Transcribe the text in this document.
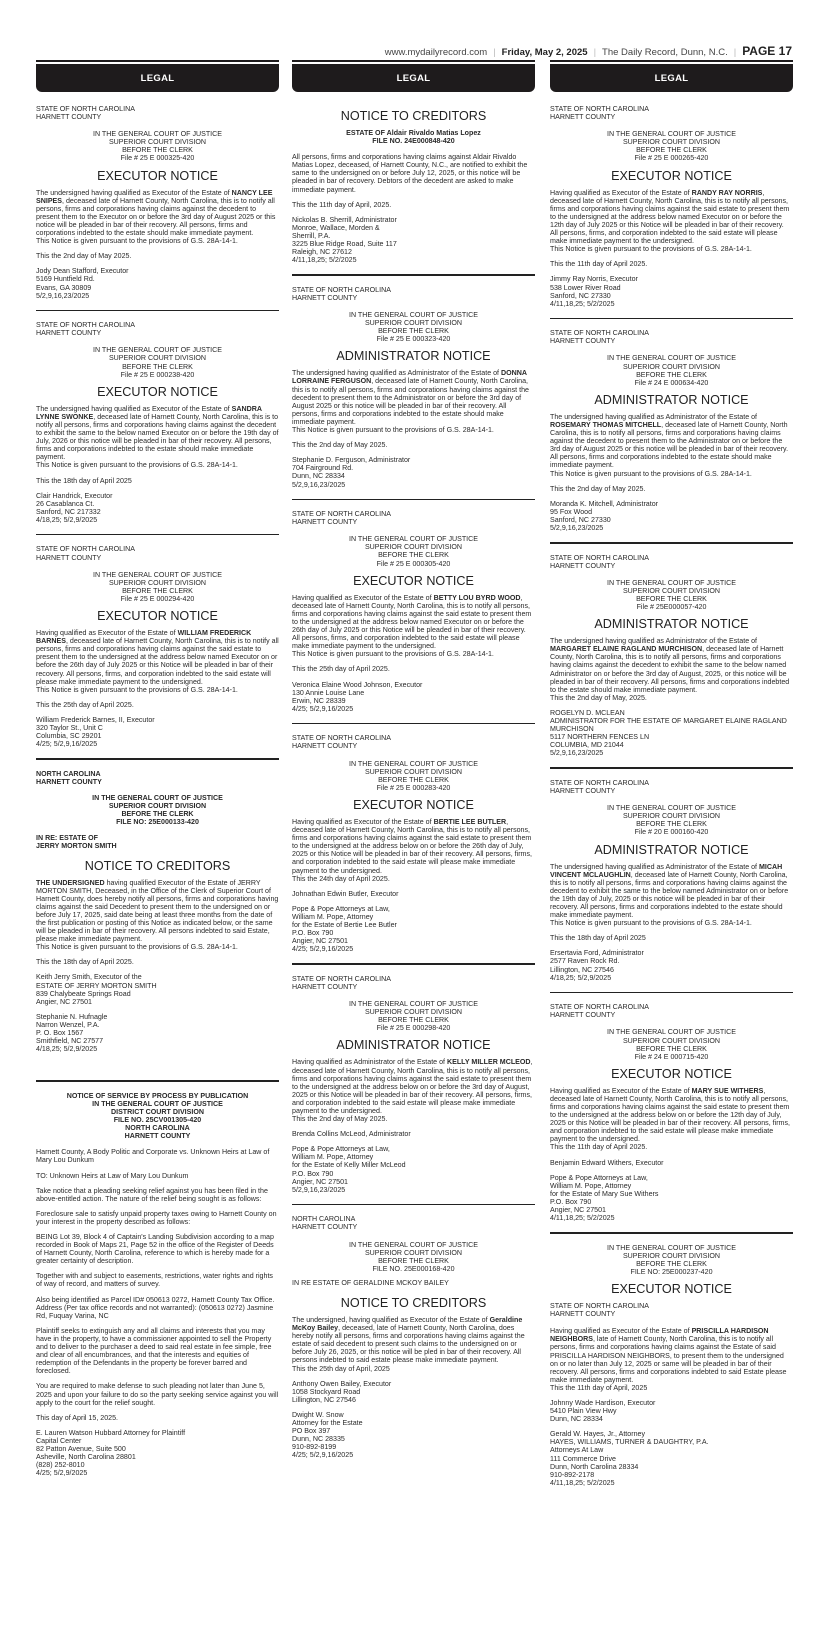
www.mydailyrecord.com | Friday, May 2, 2025 | The Daily Record, Dunn, N.C. | PAGE 17
LEGAL
STATE OF NORTH CAROLINA
HARNETT COUNTY
IN THE GENERAL COURT OF JUSTICE
SUPERIOR COURT DIVISION
BEFORE THE CLERK
File # 25 E 000325-420
EXECUTOR NOTICE
The undersigned having qualified as Executor of the Estate of NANCY LEE SNIPES, deceased late of Harnett County, North Carolina, this is to notify all persons, firms and corporations having claims against the decedent to present them to the Executor on or before the 3rd day of August 2025 or this notice will be pleaded in bar of their recovery. All persons, firms and corporations indebted to the estate should make immediate payment.
This Notice is given pursuant to the provisions of G.S. 28A-14-1.
This the 2nd day of May 2025.
Jody Dean Stafford, Executor
5169 Huntfield Rd.
Evans, GA 30809
5/2,9,16,23/2025
STATE OF NORTH CAROLINA
HARNETT COUNTY
IN THE GENERAL COURT OF JUSTICE
SUPERIOR COURT DIVISION
BEFORE THE CLERK
File # 25 E 000238-420
EXECUTOR NOTICE
The undersigned having qualified as Executor of the Estate of SANDRA LYNNE SWONKE, deceased late of Harnett County, North Carolina, this is to notify all persons, firms and corporations having claims against the decedent to exhibit the same to the below named Executor on or before the 19th day of July, 2026 or this notice will be pleaded in bar of their recovery. All persons, firms and corporations indebted to the estate should make immediate payment.
This Notice is given pursuant to the provisions of G.S. 28A-14-1.
This the 18th day of April 2025
Clair Handrick, Executor
26 Casablanca Ct.
Sanford, NC 217332
4/18,25; 5/2,9/2025
STATE OF NORTH CAROLINA
HARNETT COUNTY
IN THE GENERAL COURT OF JUSTICE
SUPERIOR COURT DIVISION
BEFORE THE CLERK
File # 25 E 000294-420
EXECUTOR NOTICE
Having qualified as Executor of the Estate of WILLIAM FREDERICK BARNES, deceased late of Harnett County, North Carolina, this is to notify all persons, firms and corporations having claims against the said estate to present them to the undersigned at the address below named Executor on or before the 26th day of July 2025 or this Notice will be pleaded in bar of their recovery. All persons, firms, and corporation indebted to the said estate will please make immediate payment to the undersigned.
This Notice is given pursuant to the provisions of G.S. 28A-14-1.
This the 25th day of April 2025.
William Frederick Barnes, II, Executor
320 Taylor St., Unit C
Columbia, SC 29201
4/25; 5/2,9,16/2025
NORTH CAROLINA
HARNETT COUNTY
IN THE GENERAL COURT OF JUSTICE
SUPERIOR COURT DIVISION
BEFORE THE CLERK
FILE NO: 25E000133-420
IN RE: ESTATE OF
JERRY MORTON SMITH
NOTICE TO CREDITORS
THE UNDERSIGNED having qualified Executor of the Estate of JERRY MORTON SMITH, Deceased, in the Office of the Clerk of Superior Court of Harnett County, does hereby notify all persons, firms and corporations having claims against the said Decedent to present them to the undersigned on or before July 17, 2025, said date being at least three months from the date of the first publication or posting of this Notice as indicated below, or the same will be pleaded in bar of their recovery. All persons indebted to said Estate, please make immediate payment.
This Notice is given pursuant to the provisions of G.S. 28A-14-1.
This the 18th day of April 2025.
Keith Jerry Smith, Executor of the
ESTATE OF JERRY MORTON SMITH
839 Chalybeate Springs Road
Angier, NC 27501
Stephanie N. Hufnagle
Narron Wenzel, P.A.
P. O. Box 1567
Smithfield, NC 27577
4/18,25; 5/2,9/2025
NOTICE OF SERVICE BY PROCESS BY PUBLICATION
IN THE GENERAL COURT OF JUSTICE
DISTRICT COURT DIVISION
FILE NO. 25CV001305-420
NORTH CAROLINA
HARNETT COUNTY
Harnett County, A Body Politic and Corporate vs. Unknown Heirs at Law of Mary Lou Dunkum
TO: Unknown Heirs at Law of Mary Lou Dunkum
Take notice that a pleading seeking relief against you has been filed in the above-entitled action. The nature of the relief being sought is as follows:
Foreclosure sale to satisfy unpaid property taxes owing to Harnett County on your interest in the property described as follows:
BEING Lot 39, Block 4 of Captain's Landing Subdivision according to a map recorded in Book of Maps 21, Page 52 in the office of the Register of Deeds of Harnett County, North Carolina, reference to which is hereby made for a greater certainty of description.
Together with and subject to easements, restrictions, water rights and rights of way of record, and matters of survey.
Also being identified as Parcel ID# 050613 0272, Harnett County Tax Office. Address (Per tax office records and not warranted): (050613 0272) Jasmine Rd, Fuquay Varina, NC
Plaintiff seeks to extinguish any and all claims and interests that you may have in the property, to have a commissioner appointed to sell the Property and to deliver to the purchaser a deed to said real estate in fee simple, free and clear of all encumbrances, and that the interests and equities of redemption of the Defendants in the property be forever barred and foreclosed.
You are required to make defense to such pleading not later than June 5, 2025 and upon your failure to do so the party seeking service against you will apply to the court for the relief sought.
This day of April 15, 2025.
E. Lauren Watson Hubbard Attorney for Plaintiff
Capital Center
82 Patton Avenue, Suite 500
Asheville, North Carolina 28801
(828) 252-8010
4/25; 5/2,9/2025
LEGAL
NOTICE TO CREDITORS
ESTATE OF Aldair Rivaldo Matias Lopez
FILE NO. 24E000848-420
All persons, firms and corporations having claims against Aldair Rivaldo Matias Lopez, deceased, of Harnett County, N.C., are notified to exhibit the same to the undersigned on or before July 12, 2025, or this notice will be pleaded in bar of recovery. Debtors of the decedent are asked to make immediate payment.
This the 11th day of April, 2025.
Nickolas B. Sherrill, Administrator
Monroe, Wallace, Morden &
Sherrill, P.A.
3225 Blue Ridge Road, Suite 117
Raleigh, NC 27612
4/11,18,25; 5/2/2025
STATE OF NORTH CAROLINA
HARNETT COUNTY
IN THE GENERAL COURT OF JUSTICE
SUPERIOR COURT DIVISION
BEFORE THE CLERK
File # 25 E 000323-420
ADMINISTRATOR NOTICE
The undersigned having qualified as Administrator of the Estate of DONNA LORRAINE FERGUSON, deceased late of Harnett County, North Carolina, this is to notify all persons, firms and corporations having claims against the decedent to present them to the Administrator on or before the 3rd day of August 2025 or this notice will be pleaded in bar of their recovery. All persons, firms and corporations indebted to the estate should make immediate payment.
This Notice is given pursuant to the provisions of G.S. 28A-14-1.
This the 2nd day of May 2025.
Stephanie D. Ferguson, Administrator
704 Fairground Rd.
Dunn, NC 28334
5/2,9,16,23/2025
STATE OF NORTH CAROLINA
HARNETT COUNTY
IN THE GENERAL COURT OF JUSTICE
SUPERIOR COURT DIVISION
BEFORE THE CLERK
File # 25 E 000305-420
EXECUTOR NOTICE
Having qualified as Executor of the Estate of BETTY LOU BYRD WOOD, deceased late of Harnett County, North Carolina, this is to notify all persons, firms and corporations having claims against the said estate to present them to the undersigned at the address below named Executor on or before the 26th day of July 2025 or this Notice will be pleaded in bar of their recovery. All persons, firms, and corporation indebted to the said estate will please make immediate payment to the undersigned.
This Notice is given pursuant to the provisions of G.S. 28A-14-1.
This the 25th day of April 2025.
Veronica Elaine Wood Johnson, Executor
130 Annie Louise Lane
Erwin, NC 28339
4/25; 5/2,9,16/2025
STATE OF NORTH CAROLINA
HARNETT COUNTY
IN THE GENERAL COURT OF JUSTICE
SUPERIOR COURT DIVISION
BEFORE THE CLERK
File # 25 E 000283-420
EXECUTOR NOTICE
Having qualified as Executor of the Estate of BERTIE LEE BUTLER, deceased late of Harnett County, North Carolina, this is to notify all persons, firms and corporations having claims against the said estate to present them to the undersigned at the address below on or before the 26th day of July, 2025 or this Notice will be pleaded in bar of their recovery. All persons, firms, and corporation indebted to the said estate will please make immediate payment to the undersigned.
This the 24th day of April 2025.
Johnathan Edwin Butler, Executor
Pope & Pope Attorneys at Law,
William M. Pope, Attorney
for the Estate of Bertie Lee Butler
P.O. Box 790
Angier, NC 27501
4/25; 5/2,9,16/2025
STATE OF NORTH CAROLINA
HARNETT COUNTY
IN THE GENERAL COURT OF JUSTICE
SUPERIOR COURT DIVISION
BEFORE THE CLERK
File # 25 E 000298-420
ADMINISTRATOR NOTICE
Having qualified as Administrator of the Estate of KELLY MILLER MCLEOD, deceased late of Harnett County, North Carolina, this is to notify all persons, firms and corporations having claims against the said estate to present them to the undersigned at the address below on or before the 3rd day of August, 2025 or this Notice will be pleaded in bar of their recovery. All persons, firms, and corporation indebted to the said estate will please make immediate payment to the undersigned.
This the 2nd day of May 2025.
Brenda Collins McLeod, Administrator
Pope & Pope Attorneys at Law,
William M. Pope, Attorney
for the Estate of Kelly Miller McLeod
P.O. Box 790
Angier, NC 27501
5/2,9,16,23/2025
NORTH CAROLINA
HARNETT COUNTY
IN THE GENERAL COURT OF JUSTICE
SUPERIOR COURT DIVISION
BEFORE THE CLERK
FILE NO. 25E000168-420
IN RE ESTATE OF GERALDINE MCKOY BAILEY
NOTICE TO CREDITORS
The undersigned, having qualified as Executor of the Estate of Geraldine McKoy Bailey, deceased, late of Harnett County, North Carolina, does hereby notify all persons, firms and corporations having claims against the estate of said decedent to present such claims to the undersigned on or before July 26, 2025, or this notice will be pled in bar of their recovery. All persons indebted to said estate please make immediate payment.
This the 25th day of April, 2025
Anthony Owen Bailey, Executor
1058 Stockyard Road
Lillington, NC 27546
Dwight W. Snow
Attorney for the Estate
PO Box 397
Dunn, NC 28335
910-892-8199
4/25; 5/2,9,16/2025
LEGAL
STATE OF NORTH CAROLINA
HARNETT COUNTY
IN THE GENERAL COURT OF JUSTICE
SUPERIOR COURT DIVISION
BEFORE THE CLERK
File # 25 E 000265-420
EXECUTOR NOTICE
Having qualified as Executor of the Estate of RANDY RAY NORRIS, deceased late of Harnett County, North Carolina, this is to notify all persons, firms and corporations having claims against the said estate to present them to the undersigned at the address below named Executor on or before the 12th day of July 2025 or this Notice will be pleaded in bar of their recovery. All persons, firms, and corporation indebted to the said estate will please make immediate payment to the undersigned.
This Notice is given pursuant to the provisions of G.S. 28A-14-1.
This the 11th day of April 2025.
Jimmy Ray Norris, Executor
538 Lower River Road
Sanford, NC 27330
4/11,18,25; 5/2/2025
STATE OF NORTH CAROLINA
HARNETT COUNTY
IN THE GENERAL COURT OF JUSTICE
SUPERIOR COURT DIVISION
BEFORE THE CLERK
File # 24 E 000634-420
ADMINISTRATOR NOTICE
The undersigned having qualified as Administrator of the Estate of ROSEMARY THOMAS MITCHELL, deceased late of Harnett County, North Carolina, this is to notify all persons, firms and corporations having claims against the decedent to present them to the Administrator on or before the 3rd day of August 2025 or this notice will be pleaded in bar of their recovery. All persons, firms and corporations indebted to the estate should make immediate payment.
This Notice is given pursuant to the provisions of G.S. 28A-14-1.
This the 2nd day of May 2025.
Moranda K. Mitchell, Administrator
95 Fox Wood
Sanford, NC 27330
5/2,9,16,23/2025
STATE OF NORTH CAROLINA
HARNETT COUNTY
IN THE GENERAL COURT OF JUSTICE
SUPERIOR COURT DIVISION
BEFORE THE CLERK
File # 25E000057-420
ADMINISTRATOR NOTICE
The undersigned having qualified as Administrator of the Estate of MARGARET ELAINE RAGLAND MURCHISON, deceased late of Harnett County, North Carolina, this is to notify all persons, firms and corporations having claims against the decedent to exhibit the same to the below named Administrator on or before the 3rd day of August, 2025, or this notice will be pleaded in bar of their recovery. All persons, firms and corporations indebted to the estate should make immediate payment.
This the 2nd day of May, 2025.
ROGELYN D. MCLEAN
ADMINISTRATOR FOR THE ESTATE OF MARGARET ELAINE RAGLAND MURCHISON
5117 NORTHERN FENCES LN
COLUMBIA, MD 21044
5/2,9,16,23/2025
STATE OF NORTH CAROLINA
HARNETT COUNTY
IN THE GENERAL COURT OF JUSTICE
SUPERIOR COURT DIVISION
BEFORE THE CLERK
File # 20 E 000160-420
ADMINISTRATOR NOTICE
The undersigned having qualified as Administrator of the Estate of MICAH VINCENT MCLAUGHLIN, deceased late of Harnett County, North Carolina, this is to notify all persons, firms and corporations having claims against the decedent to exhibit the same to the below named Administrator on or before the 19th day of July, 2025 or this notice will be pleaded in bar of their recovery. All persons, firms and corporations indebted to the estate should make immediate payment.
This Notice is given pursuant to the provisions of G.S. 28A-14-1.
This the 18th day of April 2025
Ersertavia Ford, Administrator
2577 Raven Rock Rd.
Lillington, NC 27546
4/18,25; 5/2,9/2025
STATE OF NORTH CAROLINA
HARNETT COUNTY
IN THE GENERAL COURT OF JUSTICE
SUPERIOR COURT DIVISION
BEFORE THE CLERK
File # 24 E 000715-420
EXECUTOR NOTICE
Having qualified as Executor of the Estate of MARY SUE WITHERS, deceased late of Harnett County, North Carolina, this is to notify all persons, firms and corporations having claims against the said estate to present them to the undersigned at the address below on or before the 12th day of July, 2025 or this Notice will be pleaded in bar of their recovery. All persons, firms, and corporation indebted to the said estate will please make immediate payment to the undersigned.
This the 11th day of April 2025.
Benjamin Edward Withers, Executor
Pope & Pope Attorneys at Law,
William M. Pope, Attorney
for the Estate of Mary Sue Withers
P.O. Box 790
Angier, NC 27501
4/11,18,25; 5/2/2025
IN THE GENERAL COURT OF JUSTICE
SUPERIOR COURT DIVISION
BEFORE THE CLERK
FILE NO: 25E000237-420
EXECUTOR NOTICE
STATE OF NORTH CAROLINA
HARNETT COUNTY
Having qualified as Executor of the Estate of PRISCILLA HARDISON NEIGHBORS, late of Harnett County, North Carolina, this is to notify all persons, firms and corporations having claims against the Estate of said PRISCILLA HARDISON NEIGHBORS, to present them to the undersigned on or no later than July 12, 2025 or same will be pleaded in bar of their recovery. All persons, firms and corporations indebted to said Estate please make immediate payment.
This the 11th day of April, 2025
Johnny Wade Hardison, Executor
5410 Plain View Hwy
Dunn, NC 28334
Gerald W. Hayes, Jr., Attorney
HAYES, WILLIAMS, TURNER & DAUGHTRY, P.A.
Attorneys At Law
111 Commerce Drive
Dunn, North Carolina 28334
910-892-2178
4/11,18,25; 5/2/2025
